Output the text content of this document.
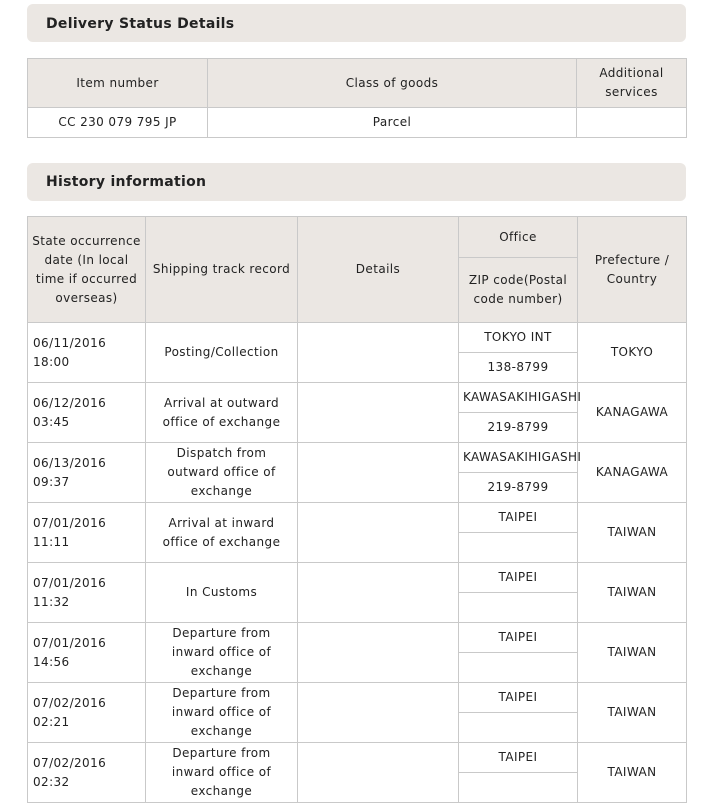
Delivery Status Details
Item number	Class of goods	Additional services
CC 230 079 795 JP	Parcel	
History information
State occurrence date (In local time if occurred overseas)	Shipping track record	Details	Office	Prefecture / Country
			ZIP code(Postal code number)	
06/11/2016 18:00	Posting/Collection		TOKYO INT	TOKYO
			138-8799	
06/12/2016 03:45	Arrival at outward office of exchange		KAWASAKIHIGASHI	KANAGAWA
			219-8799	
06/13/2016 09:37	Dispatch from outward office of exchange		KAWASAKIHIGASHI	KANAGAWA
			219-8799	
07/01/2016 11:11	Arrival at inward office of exchange		TAIPEI	TAIWAN

07/01/2016 11:32	In Customs		TAIPEI	TAIWAN

07/01/2016 14:56	Departure from inward office of exchange		TAIPEI	TAIWAN

07/02/2016 02:21	Departure from inward office of exchange		TAIPEI	TAIWAN

07/02/2016 02:32	Departure from inward office of exchange		TAIPEI	TAIWAN
